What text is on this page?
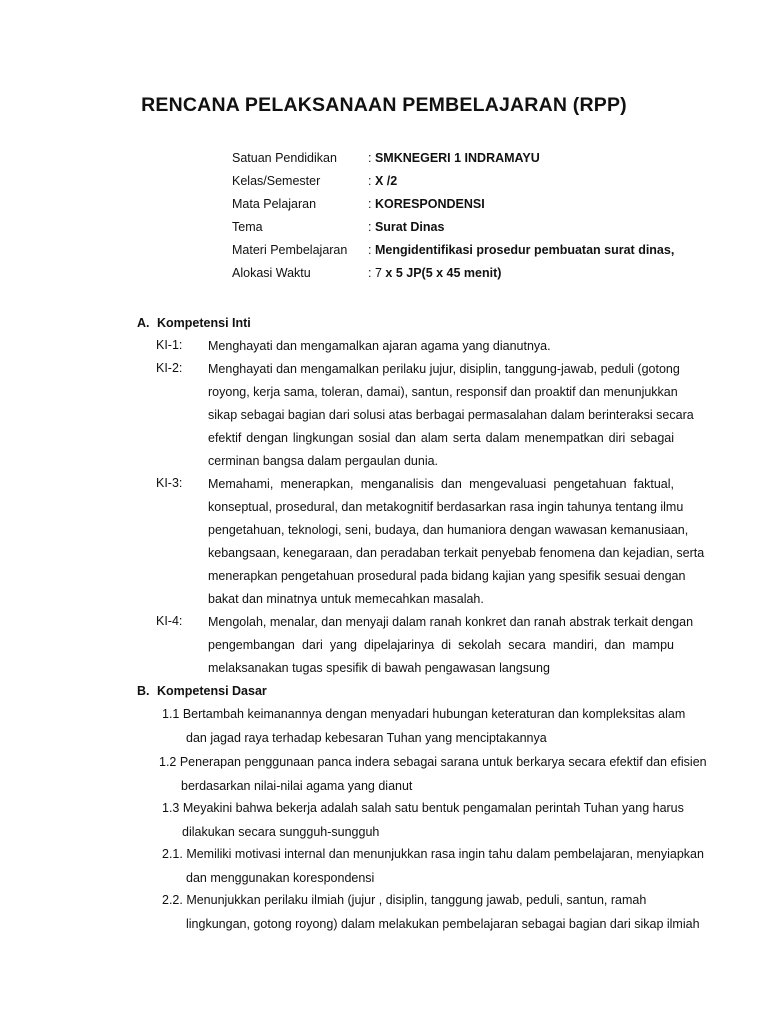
RENCANA PELAKSANAAN PEMBELAJARAN (RPP)
Satuan Pendidikan : SMKNEGERI 1 INDRAMAYU
Kelas/Semester	: X /2
Mata Pelajaran	: KORESPONDENSI
Tema	: Surat Dinas
Materi Pembelajaran : Mengidentifikasi prosedur pembuatan surat dinas,
Alokasi Waktu	: 7 x 5 JP(5 x 45 menit)
A. Kompetensi Inti
KI-1: Menghayati dan mengamalkan ajaran agama yang dianutnya.
KI-2: Menghayati dan mengamalkan perilaku jujur, disiplin, tanggung-jawab, peduli (gotong
royong, kerja sama, toleran, damai), santun, responsif dan proaktif dan menunjukkan
sikap sebagai bagian dari solusi atas berbagai permasalahan dalam berinteraksi secara
efektif dengan lingkungan sosial dan alam serta dalam menempatkan diri sebagai
cerminan bangsa dalam pergaulan dunia.
KI-3: Memahami, menerapkan, menganalisis dan mengevaluasi pengetahuan faktual,
konseptual, prosedural, dan metakognitif berdasarkan rasa ingin tahunya tentang ilmu
pengetahuan, teknologi, seni, budaya, dan humaniora dengan wawasan kemanusiaan,
kebangsaan, kenegaraan, dan peradaban terkait penyebab fenomena dan kejadian, serta
menerapkan pengetahuan prosedural pada bidang kajian yang spesifik sesuai dengan
bakat dan minatnya untuk memecahkan masalah.
KI-4: Mengolah, menalar, dan menyaji dalam ranah konkret dan ranah abstrak terkait dengan
pengembangan dari yang dipelajarinya di sekolah secara mandiri, dan mampu
melaksanakan tugas spesifik di bawah pengawasan langsung
B. Kompetensi Dasar
1.1 Bertambah keimanannya dengan menyadari hubungan keteraturan dan kompleksitas alam
dan jagad raya terhadap kebesaran Tuhan yang menciptakannya
1.2 Penerapan penggunaan panca indera sebagai sarana untuk berkarya secara efektif dan efisien
berdasarkan nilai-nilai agama yang dianut
1.3 Meyakini bahwa bekerja adalah salah satu bentuk pengamalan perintah Tuhan yang harus
dilakukan secara sungguh-sungguh
2.1. Memiliki motivasi internal dan menunjukkan rasa ingin tahu dalam pembelajaran, menyiapkan
dan menggunakan korespondensi
2.2. Menunjukkan perilaku ilmiah (jujur , disiplin, tanggung jawab, peduli, santun, ramah
lingkungan, gotong royong) dalam melakukan pembelajaran sebagai bagian dari sikap ilmiah
